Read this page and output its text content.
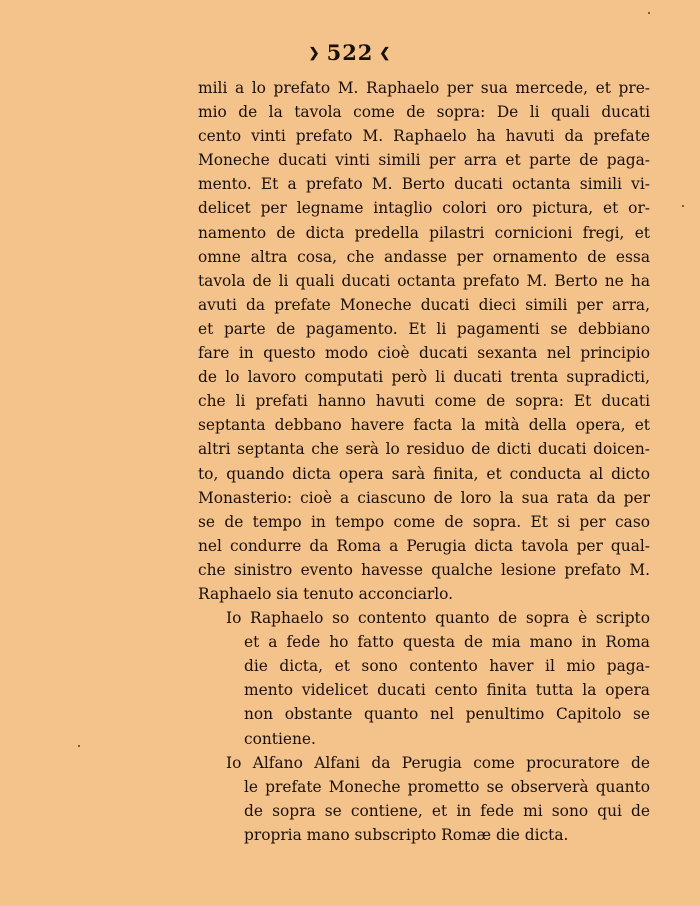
❯ 522 ❮
mili a lo prefato M. Raphaelo per sua mercede, et pre-
mio de la tavola come de sopra: De li quali ducati
cento vinti prefato M. Raphaelo ha havuti da prefate
Moneche ducati vinti simili per arra et parte de paga-
mento. Et a prefato M. Berto ducati octanta simili vi-
delicet per legname intaglio colori oro pictura, et or-
namento de dicta predella pilastri cornicioni fregi, et
omne altra cosa, che andasse per ornamento de essa
tavola de li quali ducati octanta prefato M. Berto ne ha
avuti da prefate Moneche ducati dieci simili per arra,
et parte de pagamento. Et li pagamenti se debbiano
fare in questo modo cioè ducati sexanta nel principio
de lo lavoro computati però li ducati trenta supradicti,
che li prefati hanno havuti come de sopra: Et ducati
septanta debbano havere facta la mità della opera, et
altri septanta che serà lo residuo de dicti ducati doicen-
to, quando dicta opera sarà finita, et conducta al dicto
Monasterio: cioè a ciascuno de loro la sua rata da per
se de tempo in tempo come de sopra. Et si per caso
nel condurre da Roma a Perugia dicta tavola per qual-
che sinistro evento havesse qualche lesione prefato M.
Raphaelo sia tenuto acconciarlo.
Io Raphaelo so contento quanto de sopra è scripto
et a fede ho fatto questa de mia mano in Roma
die dicta, et sono contento haver il mio paga-
mento videlicet ducati cento finita tutta la opera
non obstante quanto nel penultimo Capitolo se
contiene.
Io Alfano Alfani da Perugia come procuratore de
le prefate Moneche prometto se observerà quanto
de sopra se contiene, et in fede mi sono qui de
propria mano subscripto Romæ die dicta.
